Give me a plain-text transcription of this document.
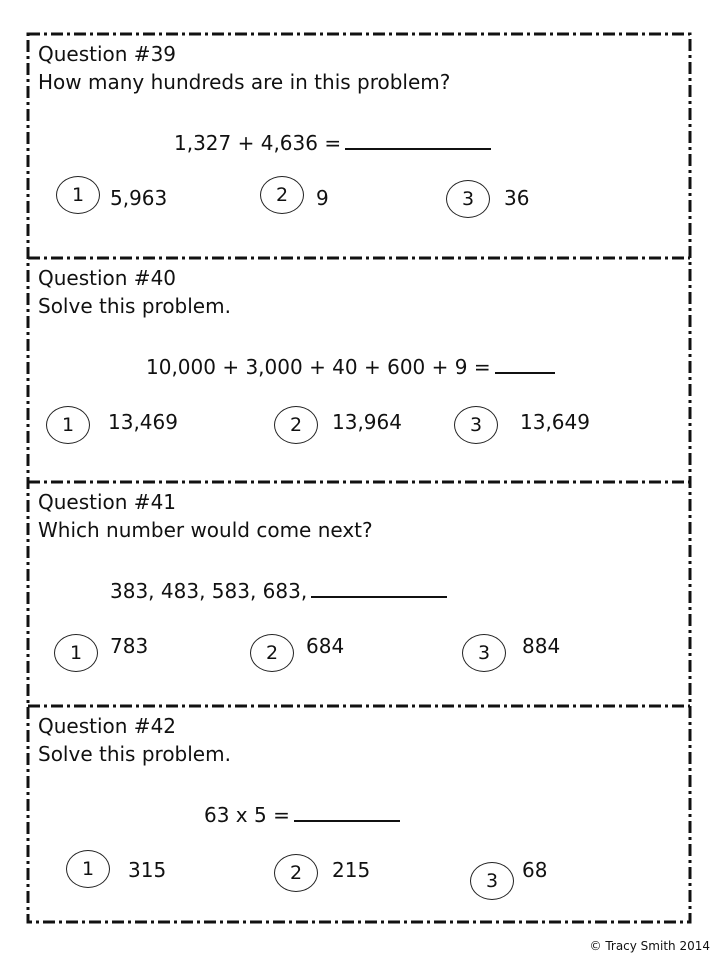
Question #39
How many hundreds are in this problem?
1,327 + 4,636 =
1	5,963	2	9	3	36
Question #40
Solve this problem.
10,000 + 3,000 + 40 + 600 + 9 =
1	13,469	2	13,964	3	13,649
Question #41
Which number would come next?
383, 483, 583, 683,
1	783	2	684	3	884
Question #42
Solve this problem.
63 x 5 =
1	315	2	215	3	68
© Tracy Smith 2014
